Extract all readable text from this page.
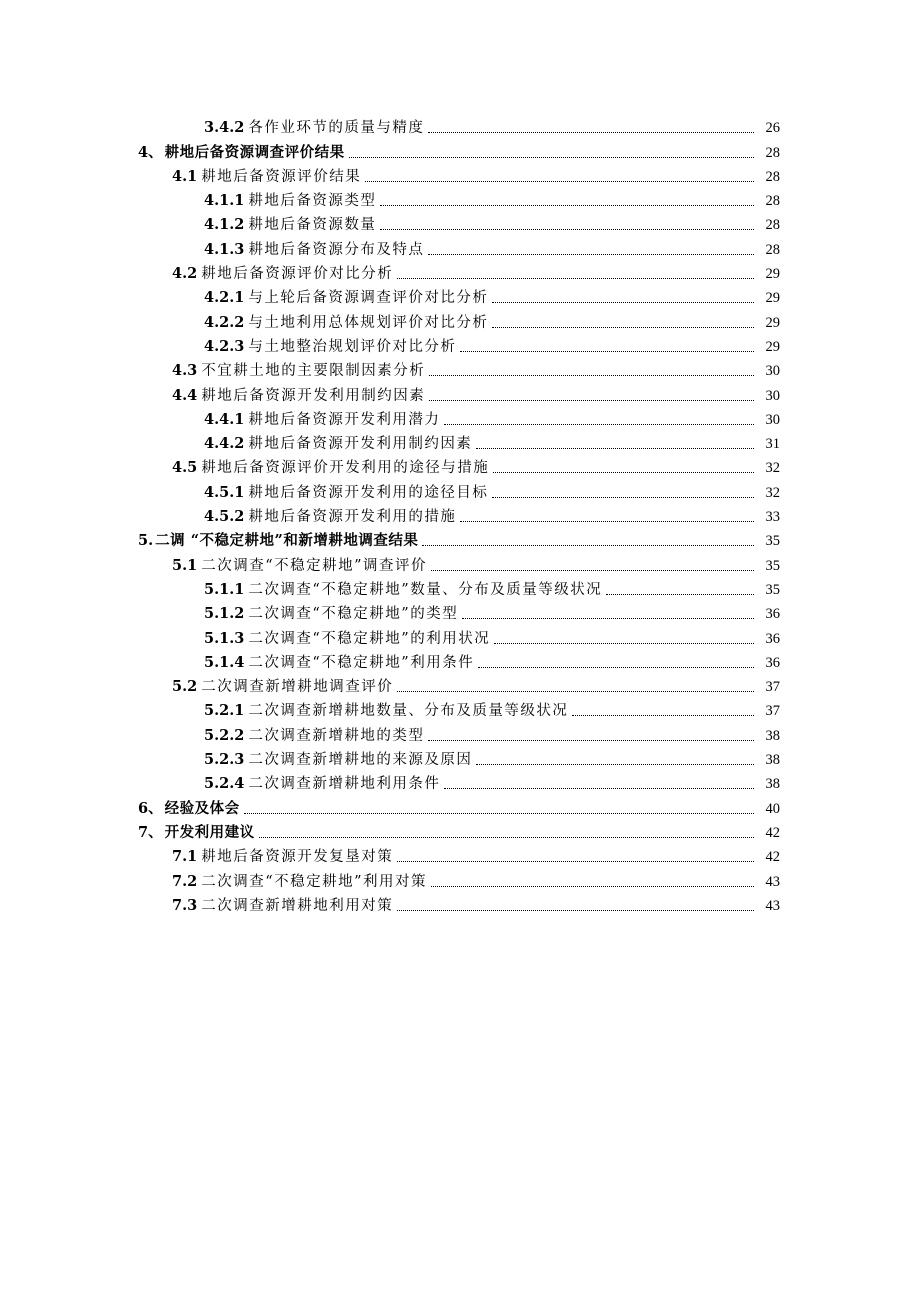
3.4.2 各作业环节的质量与精度	26
4、 耕地后备资源调查评价结果	28
4.1 耕地后备资源评价结果	28
4.1.1 耕地后备资源类型	28
4.1.2 耕地后备资源数量	28
4.1.3 耕地后备资源分布及特点	28
4.2 耕地后备资源评价对比分析	29
4.2.1 与上轮后备资源调查评价对比分析	29
4.2.2 与土地利用总体规划评价对比分析	29
4.2.3 与土地整治规划评价对比分析	29
4.3 不宜耕土地的主要限制因素分析	30
4.4 耕地后备资源开发利用制约因素	30
4.4.1 耕地后备资源开发利用潜力	30
4.4.2 耕地后备资源开发利用制约因素	31
4.5 耕地后备资源评价开发利用的途径与措施	32
4.5.1 耕地后备资源开发利用的途径目标	32
4.5.2 耕地后备资源开发利用的措施	33
5. 二调 “不稳定耕地”和新增耕地调查结果	35
5.1 二次调查“不稳定耕地”调查评价	35
5.1.1 二次调查“不稳定耕地”数量、分布及质量等级状况	35
5.1.2 二次调查“不稳定耕地”的类型	36
5.1.3 二次调查“不稳定耕地”的利用状况	36
5.1.4 二次调查“不稳定耕地”利用条件	36
5.2 二次调查新增耕地调查评价	37
5.2.1 二次调查新增耕地数量、分布及质量等级状况	37
5.2.2 二次调查新增耕地的类型	38
5.2.3 二次调查新增耕地的来源及原因	38
5.2.4 二次调查新增耕地利用条件	38
6、 经验及体会	40
7、 开发利用建议	42
7.1 耕地后备资源开发复垦对策	42
7.2 二次调查“不稳定耕地”利用对策	43
7.3 二次调查新增耕地利用对策	43
